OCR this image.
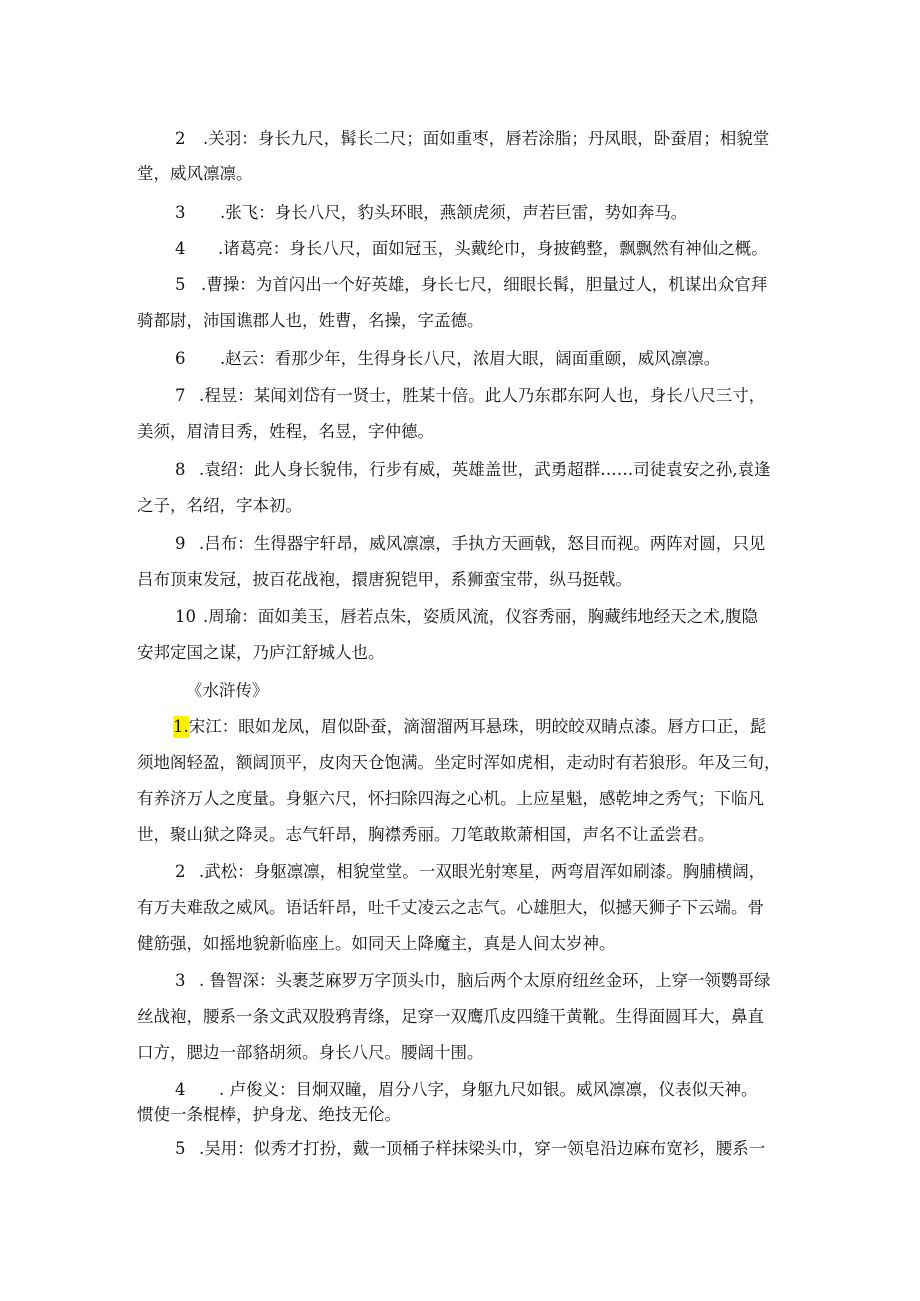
2 .关羽：身长九尺，髯长二尺；面如重枣，唇若涂脂；丹凤眼，卧蚕眉；相貌堂
堂，威风凛凛。
3 .张飞：身长八尺，豹头环眼，燕颔虎须，声若巨雷，势如奔马。
4 .诸葛亮：身长八尺，面如冠玉，头戴纶巾，身披鹤整，飘飘然有神仙之概。
5 .曹操：为首闪出一个好英雄，身长七尺，细眼长髯，胆量过人，机谋出众官拜
骑都尉，沛国谯郡人也，姓曹，名操，字孟德。
6 .赵云：看那少年，生得身长八尺，浓眉大眼，阔面重颐，威风凛凛。
7 .程昱：某闻刘岱有一贤士，胜某十倍。此人乃东郡东阿人也，身长八尺三寸，
美须，眉清目秀，姓程，名昱，字仲德。
8 .袁绍：此人身长貌伟，行步有威，英雄盖世，武勇超群……司徒袁安之孙,袁逢
之子，名绍，字本初。
9 .吕布：生得器宇轩昂，威风凛凛，手执方天画戟，怒目而视。两阵对圆，只见
吕布顶束发冠，披百花战袍，擐唐猊铠甲，系狮蛮宝带，纵马挺戟。
10 .周瑜：面如美玉，唇若点朱，姿质风流，仪容秀丽，胸藏纬地经天之术,腹隐
安邦定国之谋，乃庐江舒城人也。
《水浒传》
1.宋江：眼如龙凤，眉似卧蚕，滴溜溜两耳悬珠，明皎皎双睛点漆。唇方口正，髭
须地阁轻盈，额阔顶平，皮肉天仓饱满。坐定时浑如虎相，走动时有若狼形。年及三旬，
有养济万人之度量。身躯六尺，怀扫除四海之心机。上应星魁，感乾坤之秀气；下临凡
世，聚山狱之降灵。志气轩昂，胸襟秀丽。刀笔敢欺萧相国，声名不让孟尝君。
2 .武松：身躯凛凛，相貌堂堂。一双眼光射寒星，两弯眉浑如刷漆。胸脯横阔，
有万夫难敌之威风。语话轩昂，吐千丈凌云之志气。心雄胆大，似撼天狮子下云端。骨
健筋强，如摇地貌新临座上。如同天上降魔主，真是人间太岁神。
3 . 鲁智深：头裹芝麻罗万字顶头巾，脑后两个太原府纽丝金环，上穿一领鹦哥绿
丝战袍，腰系一条文武双股鸦青绦，足穿一双鹰爪皮四缝干黄靴。生得面圆耳大，鼻直
口方，腮边一部貉胡须。身长八尺。腰阔十围。
4 . 卢俊义：目炯双瞳，眉分八字，身躯九尺如银。威风凛凛，仪表似天神。
惯使一条棍棒，护身龙、绝技无伦。
5 .吴用：似秀才打扮，戴一顶桶子样抹梁头巾，穿一领皂沿边麻布宽衫，腰系一
